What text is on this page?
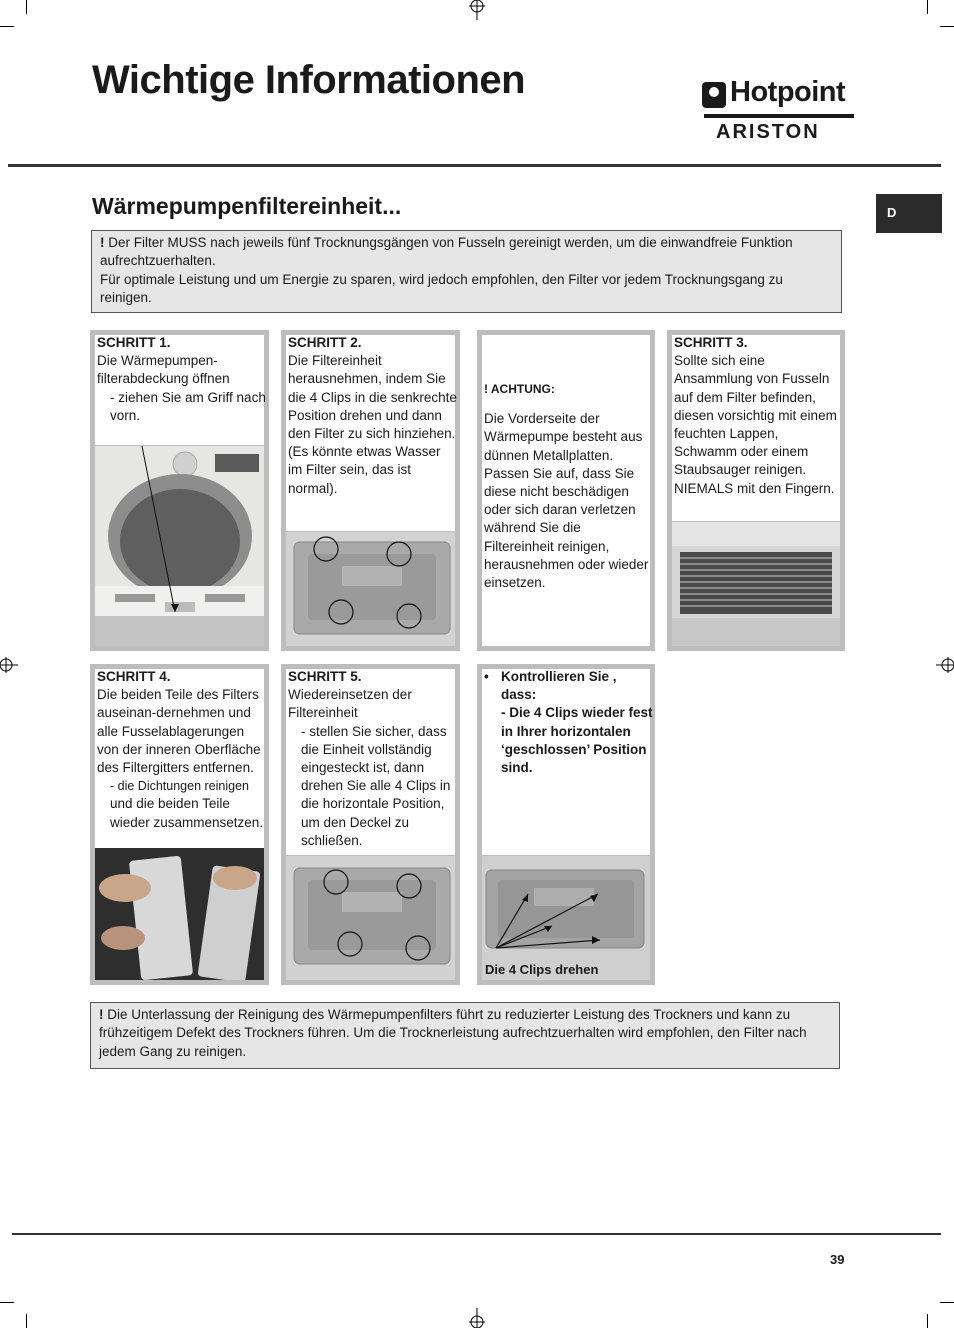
Wichtige Informationen	Hotpoint
ARISTON
Wärmepumpenfiltereinheit...	D

! Der Filter MUSS nach jeweils fünf Trocknungsgängen von Fusseln gereinigt werden, um die einwandfreie Funktion aufrechtzuerhalten.

Für optimale Leistung und um Energie zu sparen, wird jedoch empfohlen, den Filter vor jedem Trocknungsgang zu reinigen.

SCHRITT 1.
Die Wärmepumpen-filterabdeckung öffnen
- ziehen Sie am Griff nach vorn.
SCHRITT 2.
Die Filtereinheit herausnehmen, indem Sie die 4 Clips in die senkrechte Position drehen und dann den Filter zu sich hinziehen. (Es könnte etwas Wasser im Filter sein, das ist normal).
! ACHTUNG:
Die Vorderseite der Wärmepumpe besteht aus dünnen Metallplatten. Passen Sie auf, dass Sie diese nicht beschädigen oder sich daran verletzen während Sie die Filtereinheit reinigen, herausnehmen oder wieder einsetzen.
SCHRITT 3.
Sollte sich eine Ansammlung von Fusseln auf dem Filter befinden, diesen vorsichtig mit einem feuchten Lappen, Schwamm oder einem Staubsauger reinigen. NIEMALS mit den Fingern.
SCHRITT 4.
Die beiden Teile des Filters auseinan-dernehmen und alle Fusselablagerungen von der inneren Oberfläche des Filtergitters entfernen.
- die Dichtungen reinigen
und die beiden Teile wieder zusammensetzen.
SCHRITT 5.
Wiedereinsetzen der Filtereinheit
- stellen Sie sicher, dass die Einheit vollständig eingesteckt ist, dann drehen Sie alle 4 Clips in die horizontale Position, um den Deckel zu schließen.
• Kontrollieren Sie , dass:
- Die 4 Clips wieder fest in Ihrer horizontalen ‘geschlossen’ Position sind.
Die 4 Clips drehen

! Die Unterlassung der Reinigung des Wärmepumpenfilters führt zu reduzierter Leistung des Trockners und kann zu frühzeitigem Defekt des Trockners führen. Um die Trocknerleistung aufrechtzuerhalten wird empfohlen, den Filter nach jedem Gang zu reinigen.

39
